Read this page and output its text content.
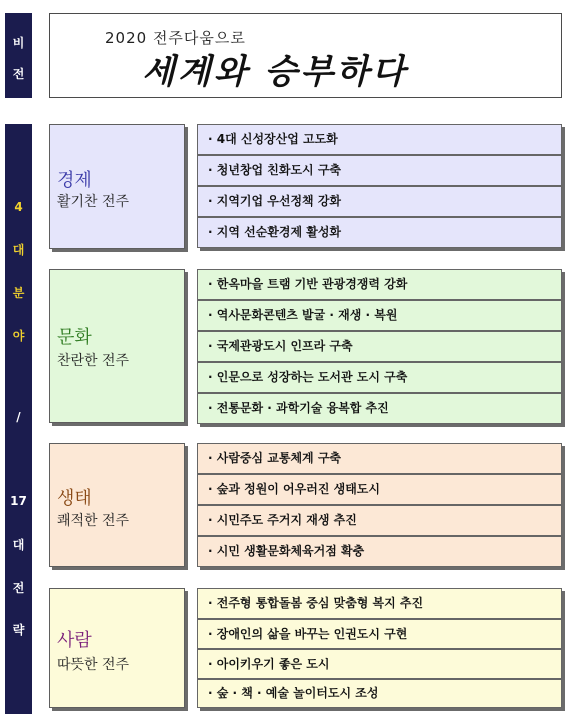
비
전
4
대
분
야
/
17
대
전
략
2020 전주다움으로
세계와 승부하다
경제
활기찬 전주
· 4대 신성장산업 고도화
· 청년창업 친화도시 구축
· 지역기업 우선정책 강화
· 지역 선순환경제 활성화
문화
찬란한 전주
· 한옥마을 트램 기반 관광경쟁력 강화
· 역사문화콘텐츠 발굴 · 재생 · 복원
· 국제관광도시 인프라 구축
· 인문으로 성장하는 도서관 도시 구축
· 전통문화 · 과학기술 융복합 추진
생태
쾌적한 전주
· 사람중심 교통체계 구축
· 숲과 정원이 어우러진 생태도시
· 시민주도 주거지 재생 추진
· 시민 생활문화체육거점 확충
사람
따뜻한 전주
· 전주형 통합돌봄 중심 맞춤형 복지 추진
· 장애인의 삶을 바꾸는 인권도시 구현
· 아이키우기 좋은 도시
· 숲 · 책 · 예술 놀이터도시 조성
